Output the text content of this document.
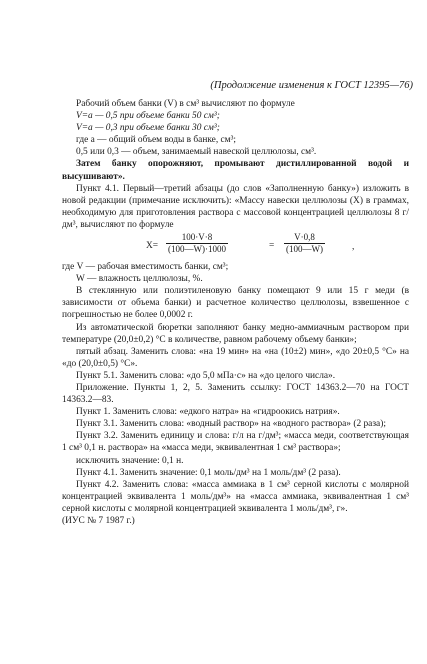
(Продолжение изменения к ГОСТ 12395—76)

Рабочий объем банки (V) в см³ вычисляют по формуле

V=a — 0,5 при объеме банки 50 см³;

V=a — 0,3 при объеме банки 30 см³;

где a — общий объем воды в банке, см³;

0,5 или 0,3 — объем, занимаемый навеской целлюлозы, см³.

Затем банку опорожняют, промывают дистиллированной водой и высушивают».

Пункт 4.1. Первый—третий абзацы (до слов «Заполненную банку») изложить в новой редакции (примечание исключить): «Массу навески целлюлозы (X) в граммах, необходимую для приготовления раствора с массовой концентрацией целлюлозы 8 г/дм³, вычисляют по формуле

$X= \frac{100\cdot V\cdot 8}{(100—W)\cdot 1000}$	= $\frac{V\cdot 0,8}{(100—W)}$	,

где V — рабочая вместимость банки, см³;

W — влажность целлюлозы, %.

В стеклянную или полиэтиленовую банку помещают 9 или 15 г меди (в зависимости от объема банки) и расчетное количество целлюлозы, взвешенное с погрешностью не более 0,0002 г.

Из автоматической бюретки заполняют банку медно-аммиачным раствором при температуре (20,0±0,2) °С в количестве, равном рабочему объему банки»;

пятый абзац. Заменить слова: «на 19 мин» на «на (10±2) мин», «до 20±0,5 °С» на «до (20,0±0,5) °С».

Пункт 5.1. Заменить слова: «до 5,0 мПа·с» на «до целого числа».

Приложение. Пункты 1, 2, 5. Заменить ссылку: ГОСТ 14363.2—70 на ГОСТ 14363.2—83.

Пункт 1. Заменить слова: «едкого натра» на «гидроокись натрия».

Пункт 3.1. Заменить слова: «водный раствор» на «водного раствора» (2 раза);

Пункт 3.2. Заменить единицу и слова: г/л на г/дм³; «масса меди, соответствующая 1 см³ 0,1 н. раствора» на «масса меди, эквивалентная 1 см³ раствора»;

исключить значение: 0,1 н.

Пункт 4.1. Заменить значение: 0,1 моль/дм³ на 1 моль/дм³ (2 раза).

Пункт 4.2. Заменить слова: «масса аммиака в 1 см³ серной кислоты с молярной концентрацией эквивалента 1 моль/дм³» на «масса аммиака, эквивалентная 1 см³ серной кислоты с молярной концентрацией эквивалента 1 моль/дм³, г».

(ИУС № 7 1987 г.)
